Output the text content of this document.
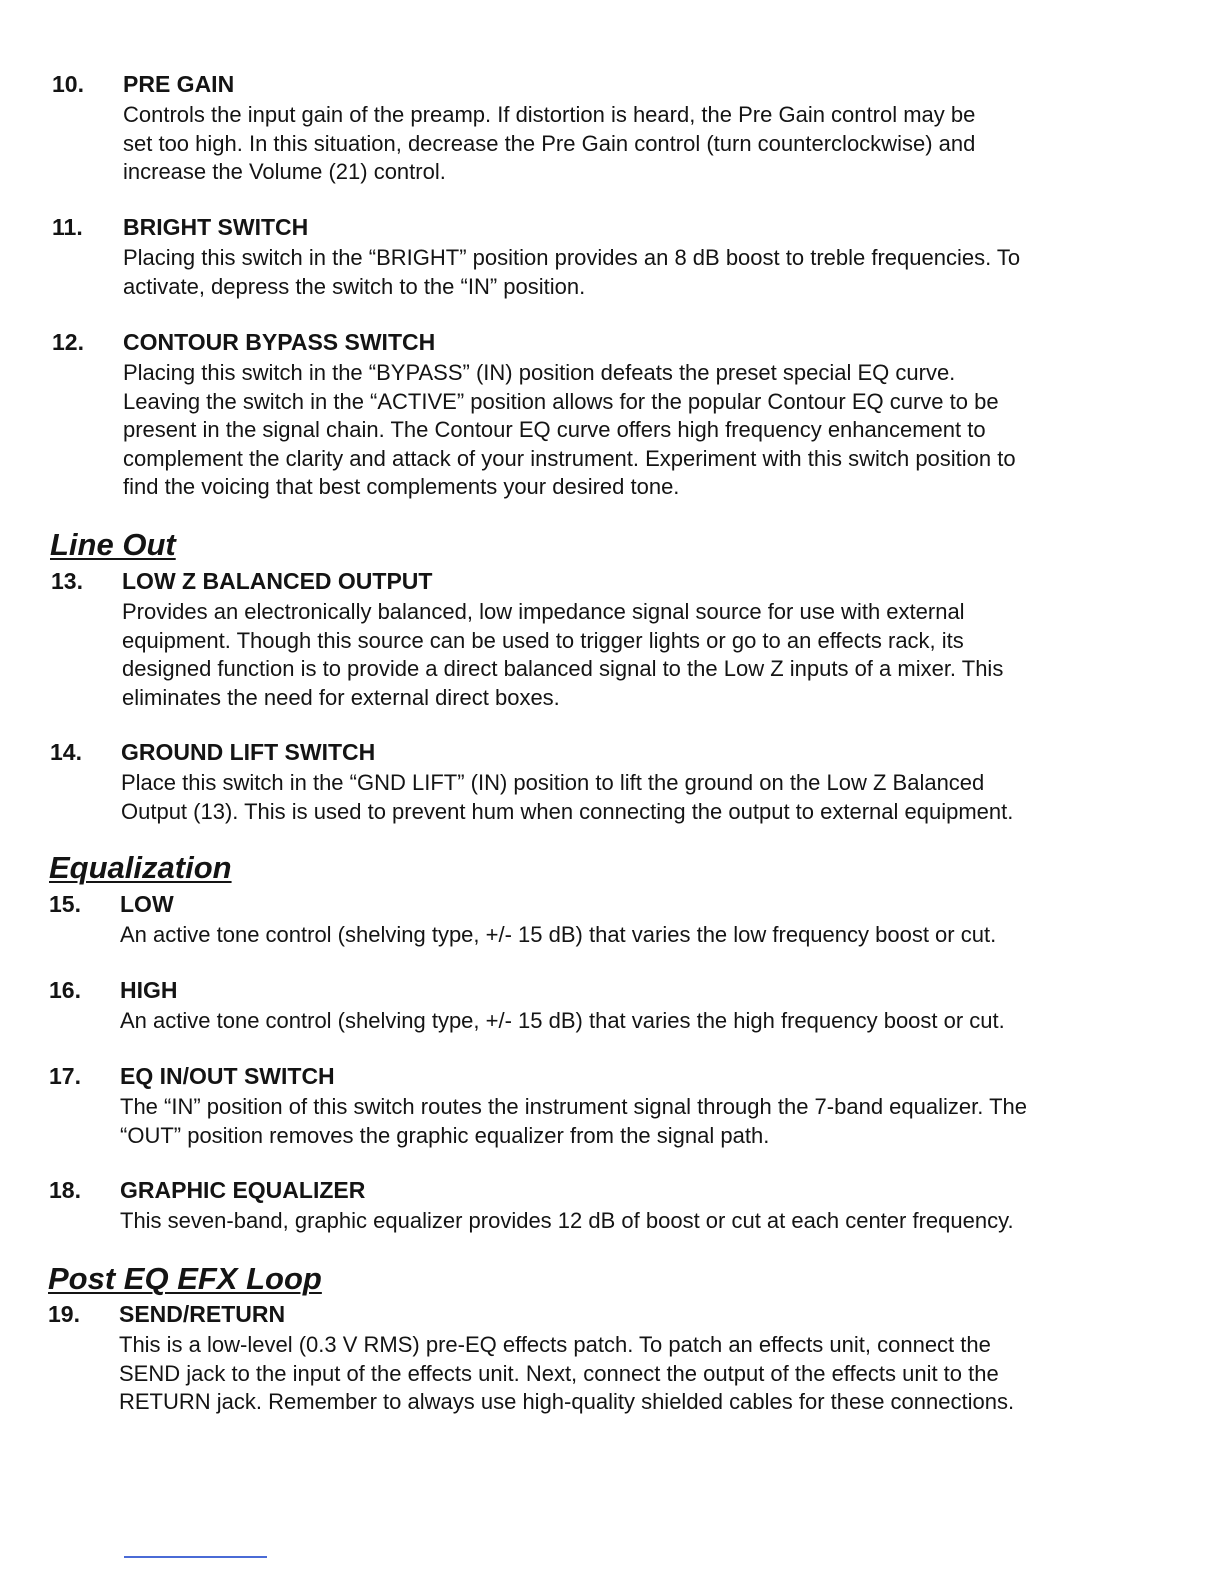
10. PRE GAIN
Controls the input gain of the preamp. If distortion is heard, the Pre Gain control may be
set too high. In this situation, decrease the Pre Gain control (turn counterclockwise) and
increase the Volume (21) control.
11. BRIGHT SWITCH
Placing this switch in the “BRIGHT” position provides an 8 dB boost to treble frequencies. To
activate, depress the switch to the “IN” position.
12. CONTOUR BYPASS SWITCH
Placing this switch in the “BYPASS” (IN) position defeats the preset special EQ curve.
Leaving the switch in the “ACTIVE” position allows for the popular Contour EQ curve to be
present in the signal chain. The Contour EQ curve offers high frequency enhancement to
complement the clarity and attack of your instrument. Experiment with this switch position to
find the voicing that best complements your desired tone.
Line Out
13. LOW Z BALANCED OUTPUT
Provides an electronically balanced, low impedance signal source for use with external
equipment. Though this source can be used to trigger lights or go to an effects rack, its
designed function is to provide a direct balanced signal to the Low Z inputs of a mixer. This
eliminates the need for external direct boxes.
14. GROUND LIFT SWITCH
Place this switch in the “GND LIFT” (IN) position to lift the ground on the Low Z Balanced
Output (13). This is used to prevent hum when connecting the output to external equipment.
Equalization
15. LOW
An active tone control (shelving type, +/- 15 dB) that varies the low frequency boost or cut.
16. HIGH
An active tone control (shelving type, +/- 15 dB) that varies the high frequency boost or cut.
17. EQ IN/OUT SWITCH
The “IN” position of this switch routes the instrument signal through the 7-band equalizer. The
“OUT” position removes the graphic equalizer from the signal path.
18. GRAPHIC EQUALIZER
This seven-band, graphic equalizer provides 12 dB of boost or cut at each center frequency.
Post EQ EFX Loop
19. SEND/RETURN
This is a low-level (0.3 V RMS) pre-EQ effects patch. To patch an effects unit, connect the
SEND jack to the input of the effects unit. Next, connect the output of the effects unit to the
RETURN jack. Remember to always use high-quality shielded cables for these connections.
